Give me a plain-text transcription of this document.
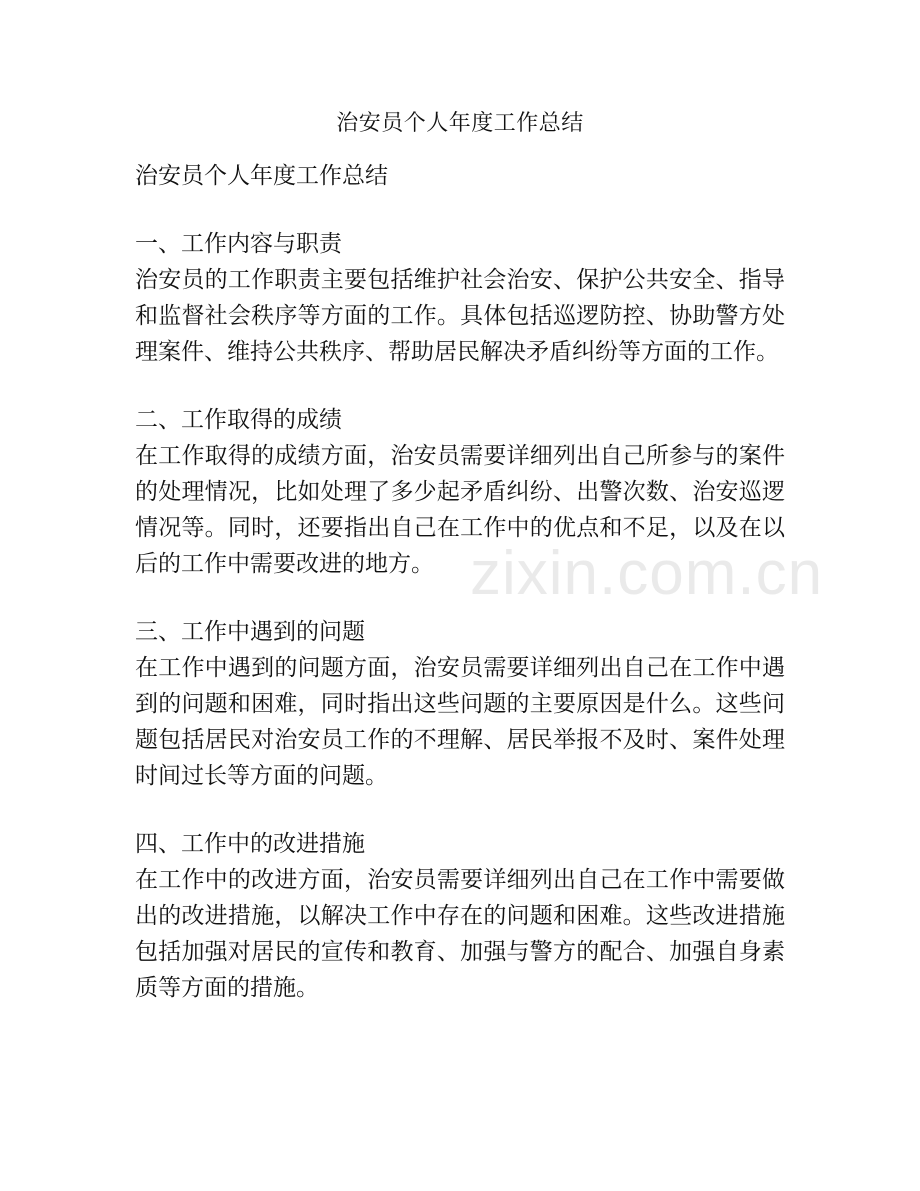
治安员个人年度工作总结
治安员个人年度工作总结
一、工作内容与职责
治安员的工作职责主要包括维护社会治安、保护公共安全、指导和监督社会秩序等方面的工作。具体包括巡逻防控、协助警方处理案件、维持公共秩序、帮助居民解决矛盾纠纷等方面的工作。
二、工作取得的成绩
在工作取得的成绩方面，治安员需要详细列出自己所参与的案件的处理情况，比如处理了多少起矛盾纠纷、出警次数、治安巡逻情况等。同时，还要指出自己在工作中的优点和不足，以及在以后的工作中需要改进的地方。
三、工作中遇到的问题
在工作中遇到的问题方面，治安员需要详细列出自己在工作中遇到的问题和困难，同时指出这些问题的主要原因是什么。这些问题包括居民对治安员工作的不理解、居民举报不及时、案件处理时间过长等方面的问题。
四、工作中的改进措施
在工作中的改进方面，治安员需要详细列出自己在工作中需要做出的改进措施，以解决工作中存在的问题和困难。这些改进措施包括加强对居民的宣传和教育、加强与警方的配合、加强自身素质等方面的措施。
zixin.com.cn
